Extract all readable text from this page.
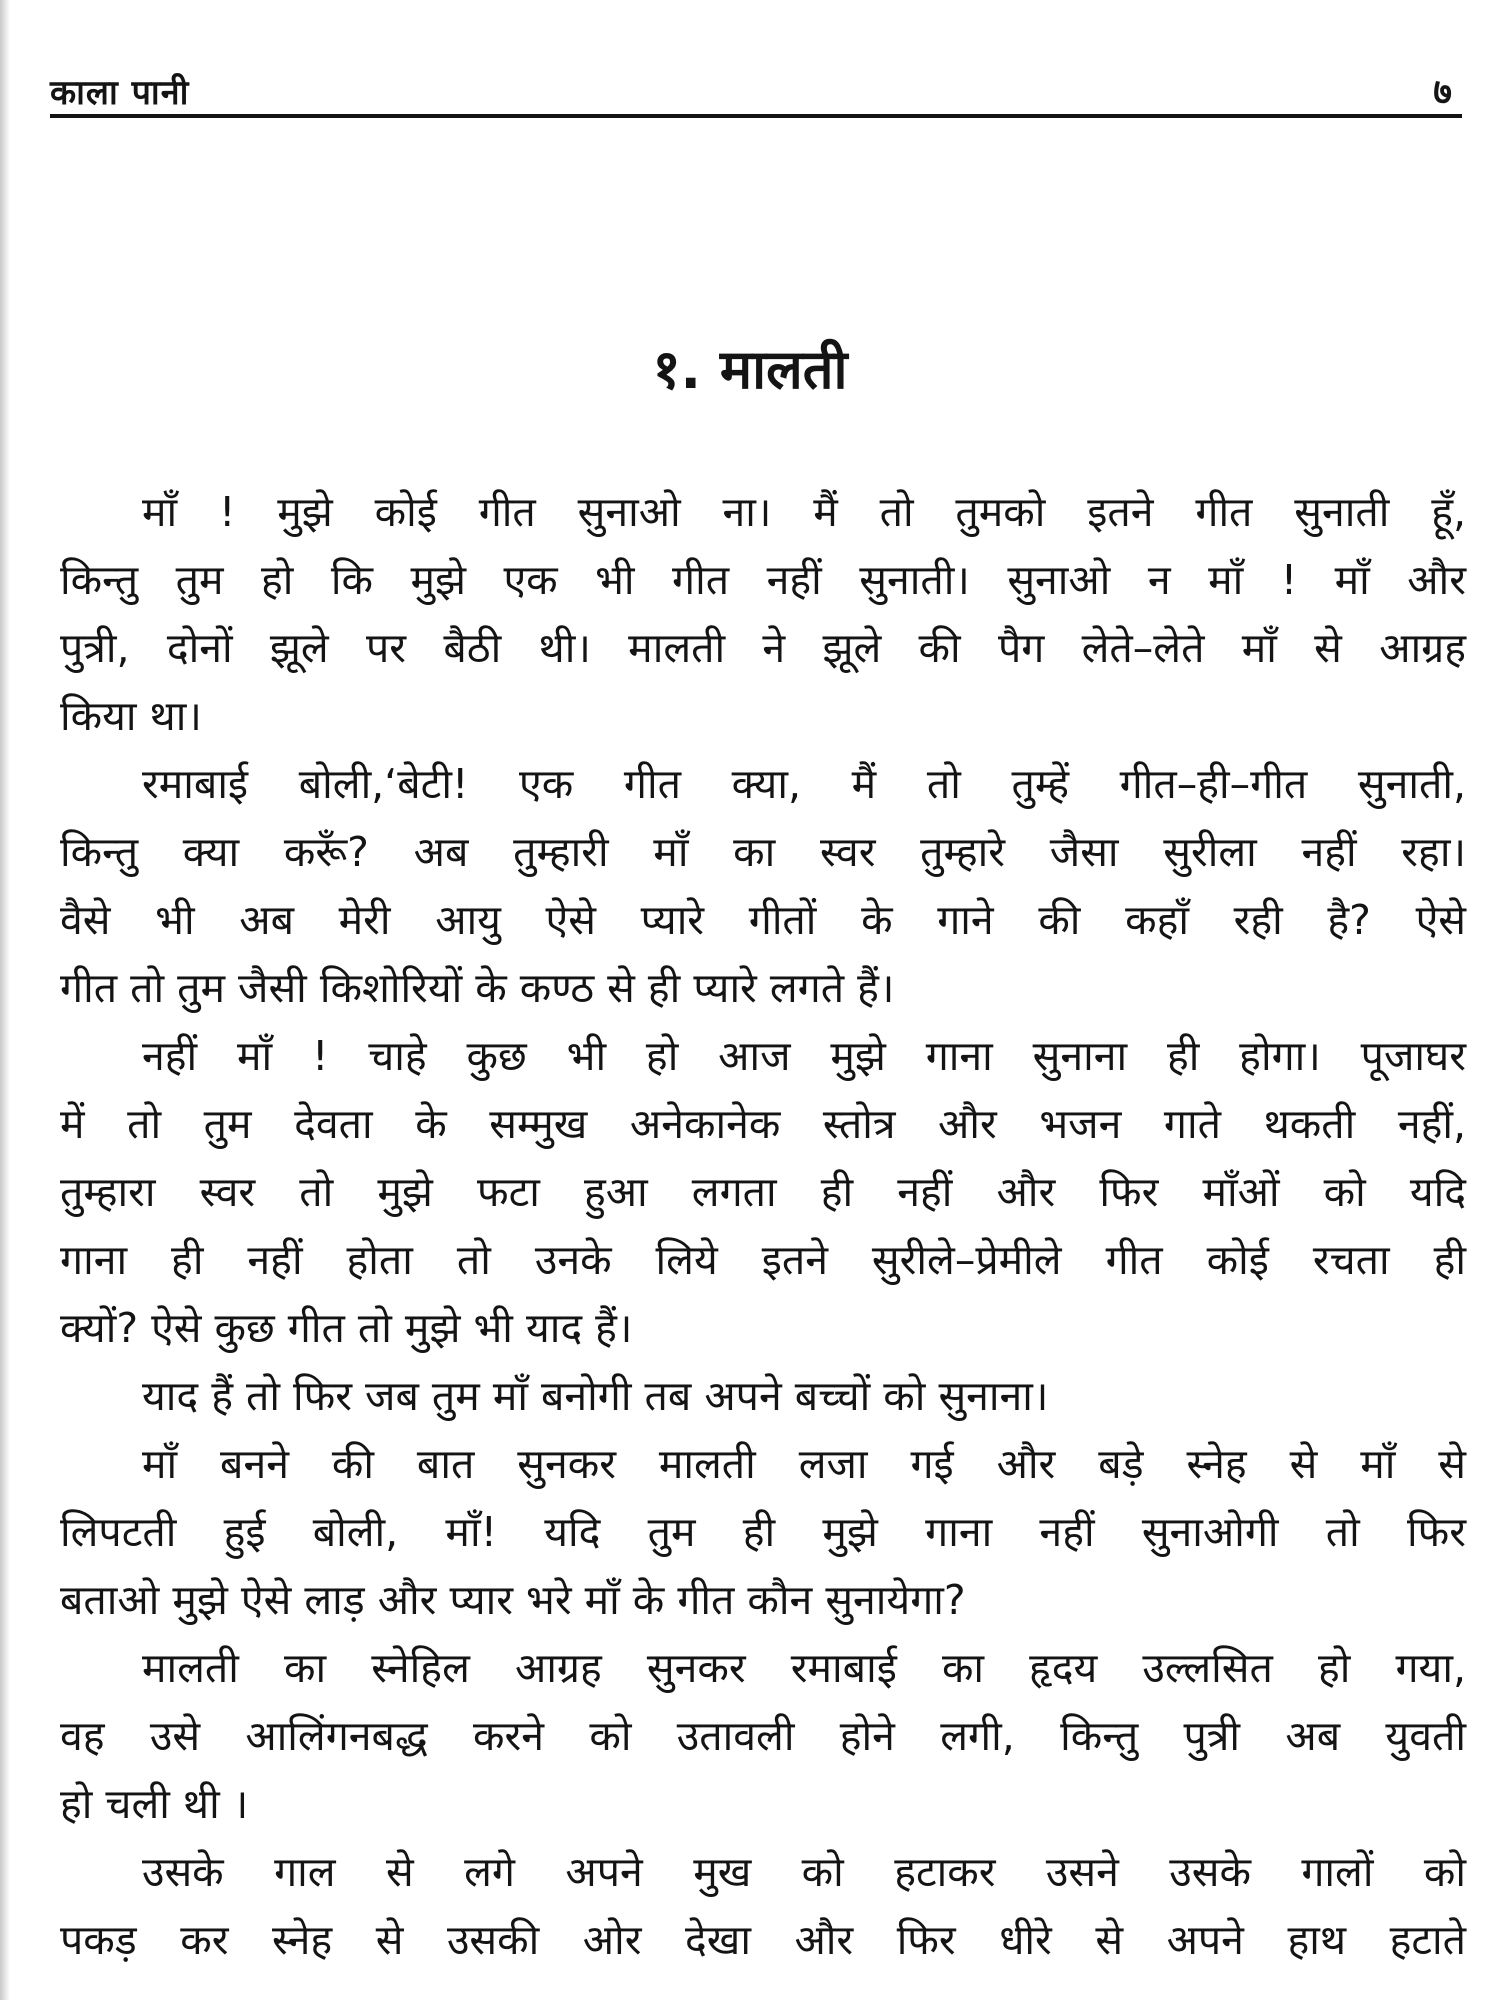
काला पानी	७
१. मालती
माँ ! मुझे कोई गीत सुनाओ ना। मैं तो तुमको इतने गीत सुनाती हूँ,
किन्तु तुम हो कि मुझे एक भी गीत नहीं सुनाती। सुनाओ न माँ ! माँ और
पुत्री, दोनों झूले पर बैठी थी। मालती ने झूले की पैग लेते–लेते माँ से आग्रह
किया था।
रमाबाई बोली,‘बेटी! एक गीत क्या, मैं तो तुम्हें गीत–ही–गीत सुनाती,
किन्तु क्या करूँ? अब तुम्हारी माँ का स्वर तुम्हारे जैसा सुरीला नहीं रहा।
वैसे भी अब मेरी आयु ऐसे प्यारे गीतों के गाने की कहाँ रही है? ऐसे
गीत तो तुम जैसी किशोरियों के कण्ठ से ही प्यारे लगते हैं।
नहीं माँ ! चाहे कुछ भी हो आज मुझे गाना सुनाना ही होगा। पूजाघर
में तो तुम देवता के सम्मुख अनेकानेक स्तोत्र और भजन गाते थकती नहीं,
तुम्हारा स्वर तो मुझे फटा हुआ लगता ही नहीं और फिर माँओं को यदि
गाना ही नहीं होता तो उनके लिये इतने सुरीले–प्रेमीले गीत कोई रचता ही
क्यों? ऐसे कुछ गीत तो मुझे भी याद हैं।
याद हैं तो फिर जब तुम माँ बनोगी तब अपने बच्चों को सुनाना।
माँ बनने की बात सुनकर मालती लजा गई और बड़े स्नेह से माँ से
लिपटती हुई बोली, माँ! यदि तुम ही मुझे गाना नहीं सुनाओगी तो फिर
बताओ मुझे ऐसे लाड़ और प्यार भरे माँ के गीत कौन सुनायेगा?
मालती का स्नेहिल आग्रह सुनकर रमाबाई का हृदय उल्लसित हो गया,
वह उसे आलिंगनबद्ध करने को उतावली होने लगी, किन्तु पुत्री अब युवती
हो चली थी ।
उसके गाल से लगे अपने मुख को हटाकर उसने उसके गालों को
पकड़ कर स्नेह से उसकी ओर देखा और फिर धीरे से अपने हाथ हटाते
